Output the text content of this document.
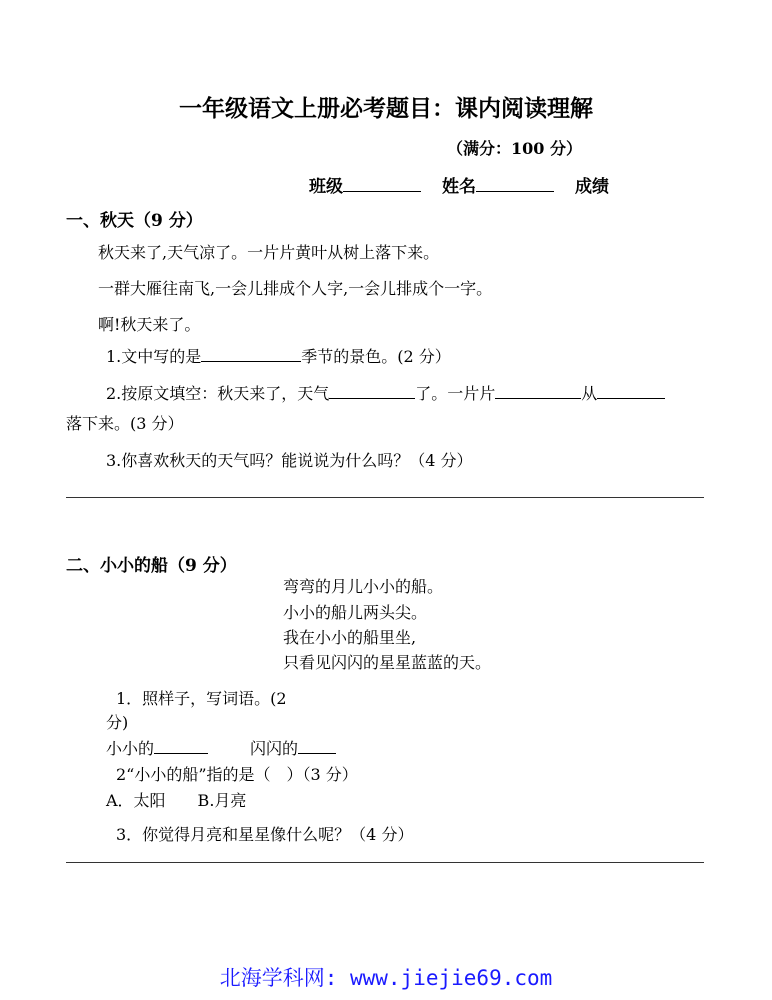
一年级语文上册必考题目：课内阅读理解
（满分：100 分）
班级	姓名	成绩
一、秋天（9 分）
秋天来了,天气凉了。一片片黄叶从树上落下来。
一群大雁往南飞,一会儿排成个人字,一会儿排成个一字。
啊!秋天来了。
1.文中写的是	季节的景色。(2 分）
2.按原文填空：秋天来了，天气	了。一片片	从
落下来。(3 分）
3.你喜欢秋天的天气吗？能说说为什么吗？（4 分）
二、小小的船（9 分）
弯弯的月儿小小的船。
小小的船儿两头尖。
我在小小的船里坐,
只看见闪闪的星星蓝蓝的天。
1．照样子，写词语。(2
分)
小小的	闪闪的
2“小小的船”指的是（　）（3 分）
A．太阳　　B.月亮
3．你觉得月亮和星星像什么呢？（4 分）
北海学科网: www.jiejie69.com
